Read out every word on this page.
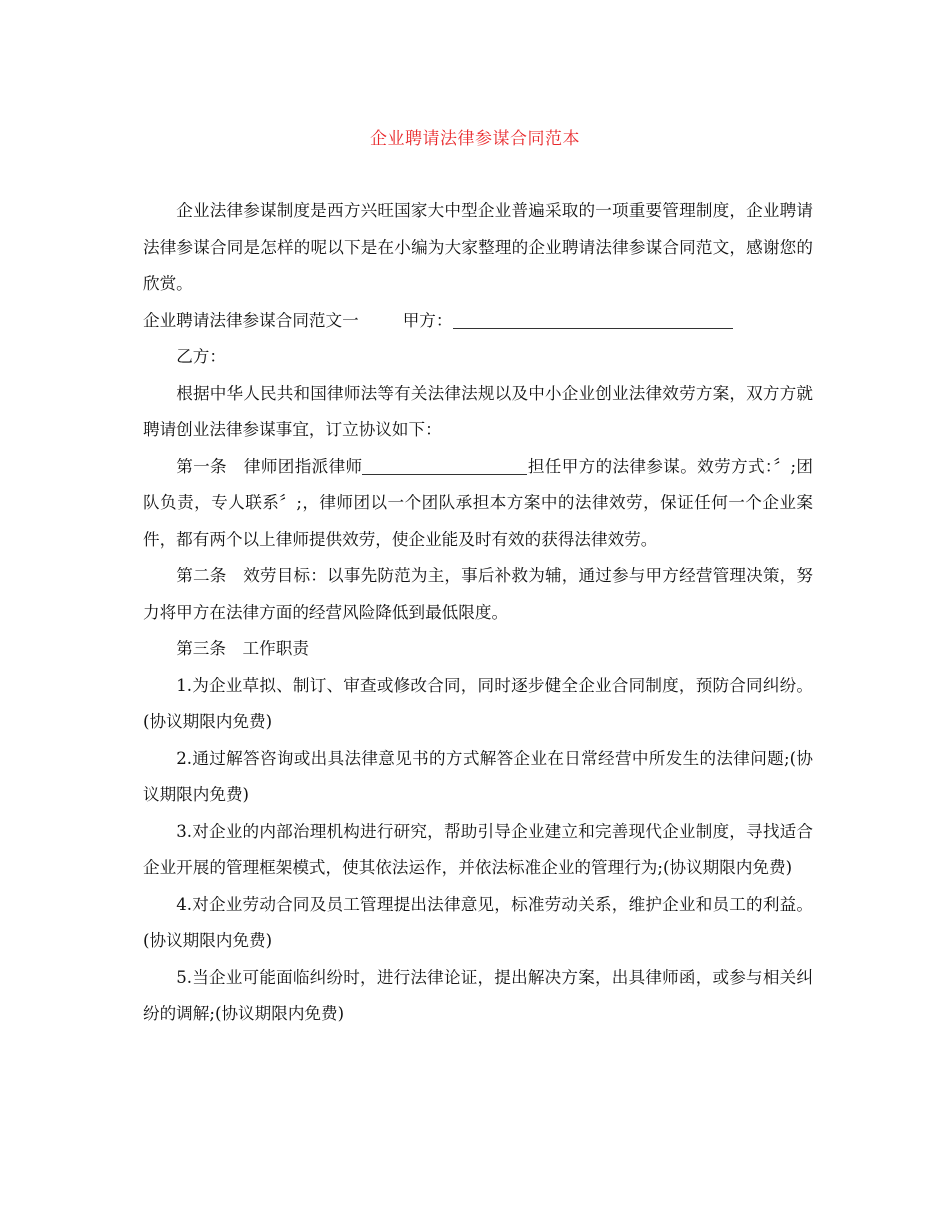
企业聘请法律参谋合同范本

企业法律参谋制度是西方兴旺国家大中型企业普遍采取的一项重要管理制度，企业聘请法律参谋合同是怎样的呢以下是在小编为大家整理的企业聘请法律参谋合同范文，感谢您的欣赏。

企业聘请法律参谋合同范文一	甲方：

乙方：

根据中华人民共和国律师法等有关法律法规以及中小企业创业法律效劳方案，双方方就聘请创业法律参谋事宜，订立协议如下：

第一条　律师团指派律师	担任甲方的法律参谋。效劳方式：〞;团队负责，专人联系〞;，律师团以一个团队承担本方案中的法律效劳，保证任何一个企业案件，都有两个以上律师提供效劳，使企业能及时有效的获得法律效劳。

第二条　效劳目标：以事先防范为主，事后补救为辅，通过参与甲方经营管理决策，努力将甲方在法律方面的经营风险降低到最低限度。

第三条　工作职责

1.为企业草拟、制订、审查或修改合同，同时逐步健全企业合同制度，预防合同纠纷。(协议期限内免费)

2.通过解答咨询或出具法律意见书的方式解答企业在日常经营中所发生的法律问题;(协议期限内免费)

3.对企业的内部治理机构进行研究，帮助引导企业建立和完善现代企业制度，寻找适合企业开展的管理框架模式，使其依法运作，并依法标准企业的管理行为;(协议期限内免费)

4.对企业劳动合同及员工管理提出法律意见，标准劳动关系，维护企业和员工的利益。(协议期限内免费)

5.当企业可能面临纠纷时，进行法律论证，提出解决方案，出具律师函，或参与相关纠纷的调解;(协议期限内免费)
